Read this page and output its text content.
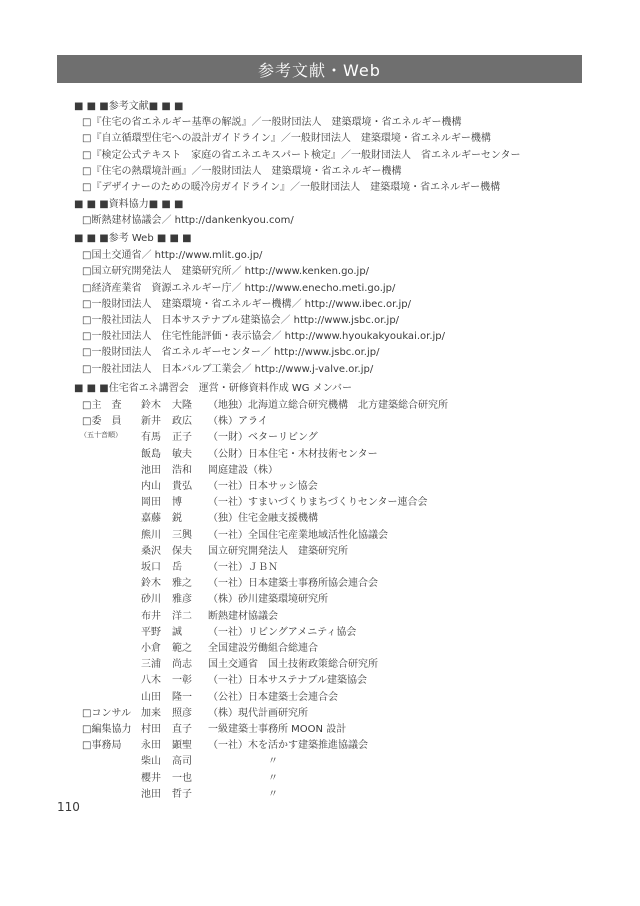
参考文献・Web
■ ■ ■参考文献■ ■ ■
□『住宅の省エネルギー基準の解説』／一般財団法人　建築環境・省エネルギー機構
□『自立循環型住宅への設計ガイドライン』／一般財団法人　建築環境・省エネルギー機構
□『検定公式テキスト　家庭の省エネエキスパート検定』／一般財団法人　省エネルギーセンター
□『住宅の熱環境計画』／一般財団法人　建築環境・省エネルギー機構
□『デザイナーのための暖冷房ガイドライン』／一般財団法人　建築環境・省エネルギー機構
■ ■ ■資料協力■ ■ ■
□断熱建材協議会／ http://dankenkyou.com/
■ ■ ■参考 Web ■ ■ ■
□国土交通省／ http://www.mlit.go.jp/
□国立研究開発法人　建築研究所／ http://www.kenken.go.jp/
□経済産業省　資源エネルギー庁／ http://www.enecho.meti.go.jp/
□一般財団法人　建築環境・省エネルギー機構／ http://www.ibec.or.jp/
□一般社団法人　日本サステナブル建築協会／ http://www.jsbc.or.jp/
□一般社団法人　住宅性能評価・表示協会／ http://www.hyoukakyoukai.or.jp/
□一般財団法人　省エネルギーセンター／ http://www.jsbc.or.jp/
□一般社団法人　日本バルブ工業会／ http://www.j-valve.or.jp/
■ ■ ■住宅省エネ講習会　運営・研修資料作成 WG メンバー
□主　査 鈴木 大隆 （地独）北海道立総合研究機構　北方建築総合研究所
□委　員 新井 政広 （株）アライ
（五十音順） 有馬 正子 （一財）ベターリビング
飯島 敏夫 （公財）日本住宅・木材技術センター
池田 浩和 岡庭建設（株）
内山 貴弘 （一社）日本サッシ協会
岡田 博	（一社）すまいづくりまちづくりセンター連合会
嘉藤 鋭	（独）住宅金融支援機構
熊川 三興 （一社）全国住宅産業地域活性化協議会
桑沢 保夫 国立研究開発法人　建築研究所
坂口 岳	（一社）ＪＢＮ
鈴木 雅之 （一社）日本建築士事務所協会連合会
砂川 雅彦 （株）砂川建築環境研究所
布井 洋二 断熱建材協議会
平野 誠	（一社）リビングアメニティ協会
小倉 範之 全国建設労働組合総連合
三浦 尚志 国土交通省　国土技術政策総合研究所
八木 一彰 （一社）日本サステナブル建築協会
山田 隆一 （公社）日本建築士会連合会
□コンサル 加来 照彦 （株）現代計画研究所
□編集協力 村田 直子 一級建築士事務所 MOON 設計
□事務局 永田 顕聖 （一社）木を活かす建築推進協議会
柴山 高司 　　　　　　〃
櫻井 一也 　　　　　　〃
池田 哲子 　　　　　　〃
110
